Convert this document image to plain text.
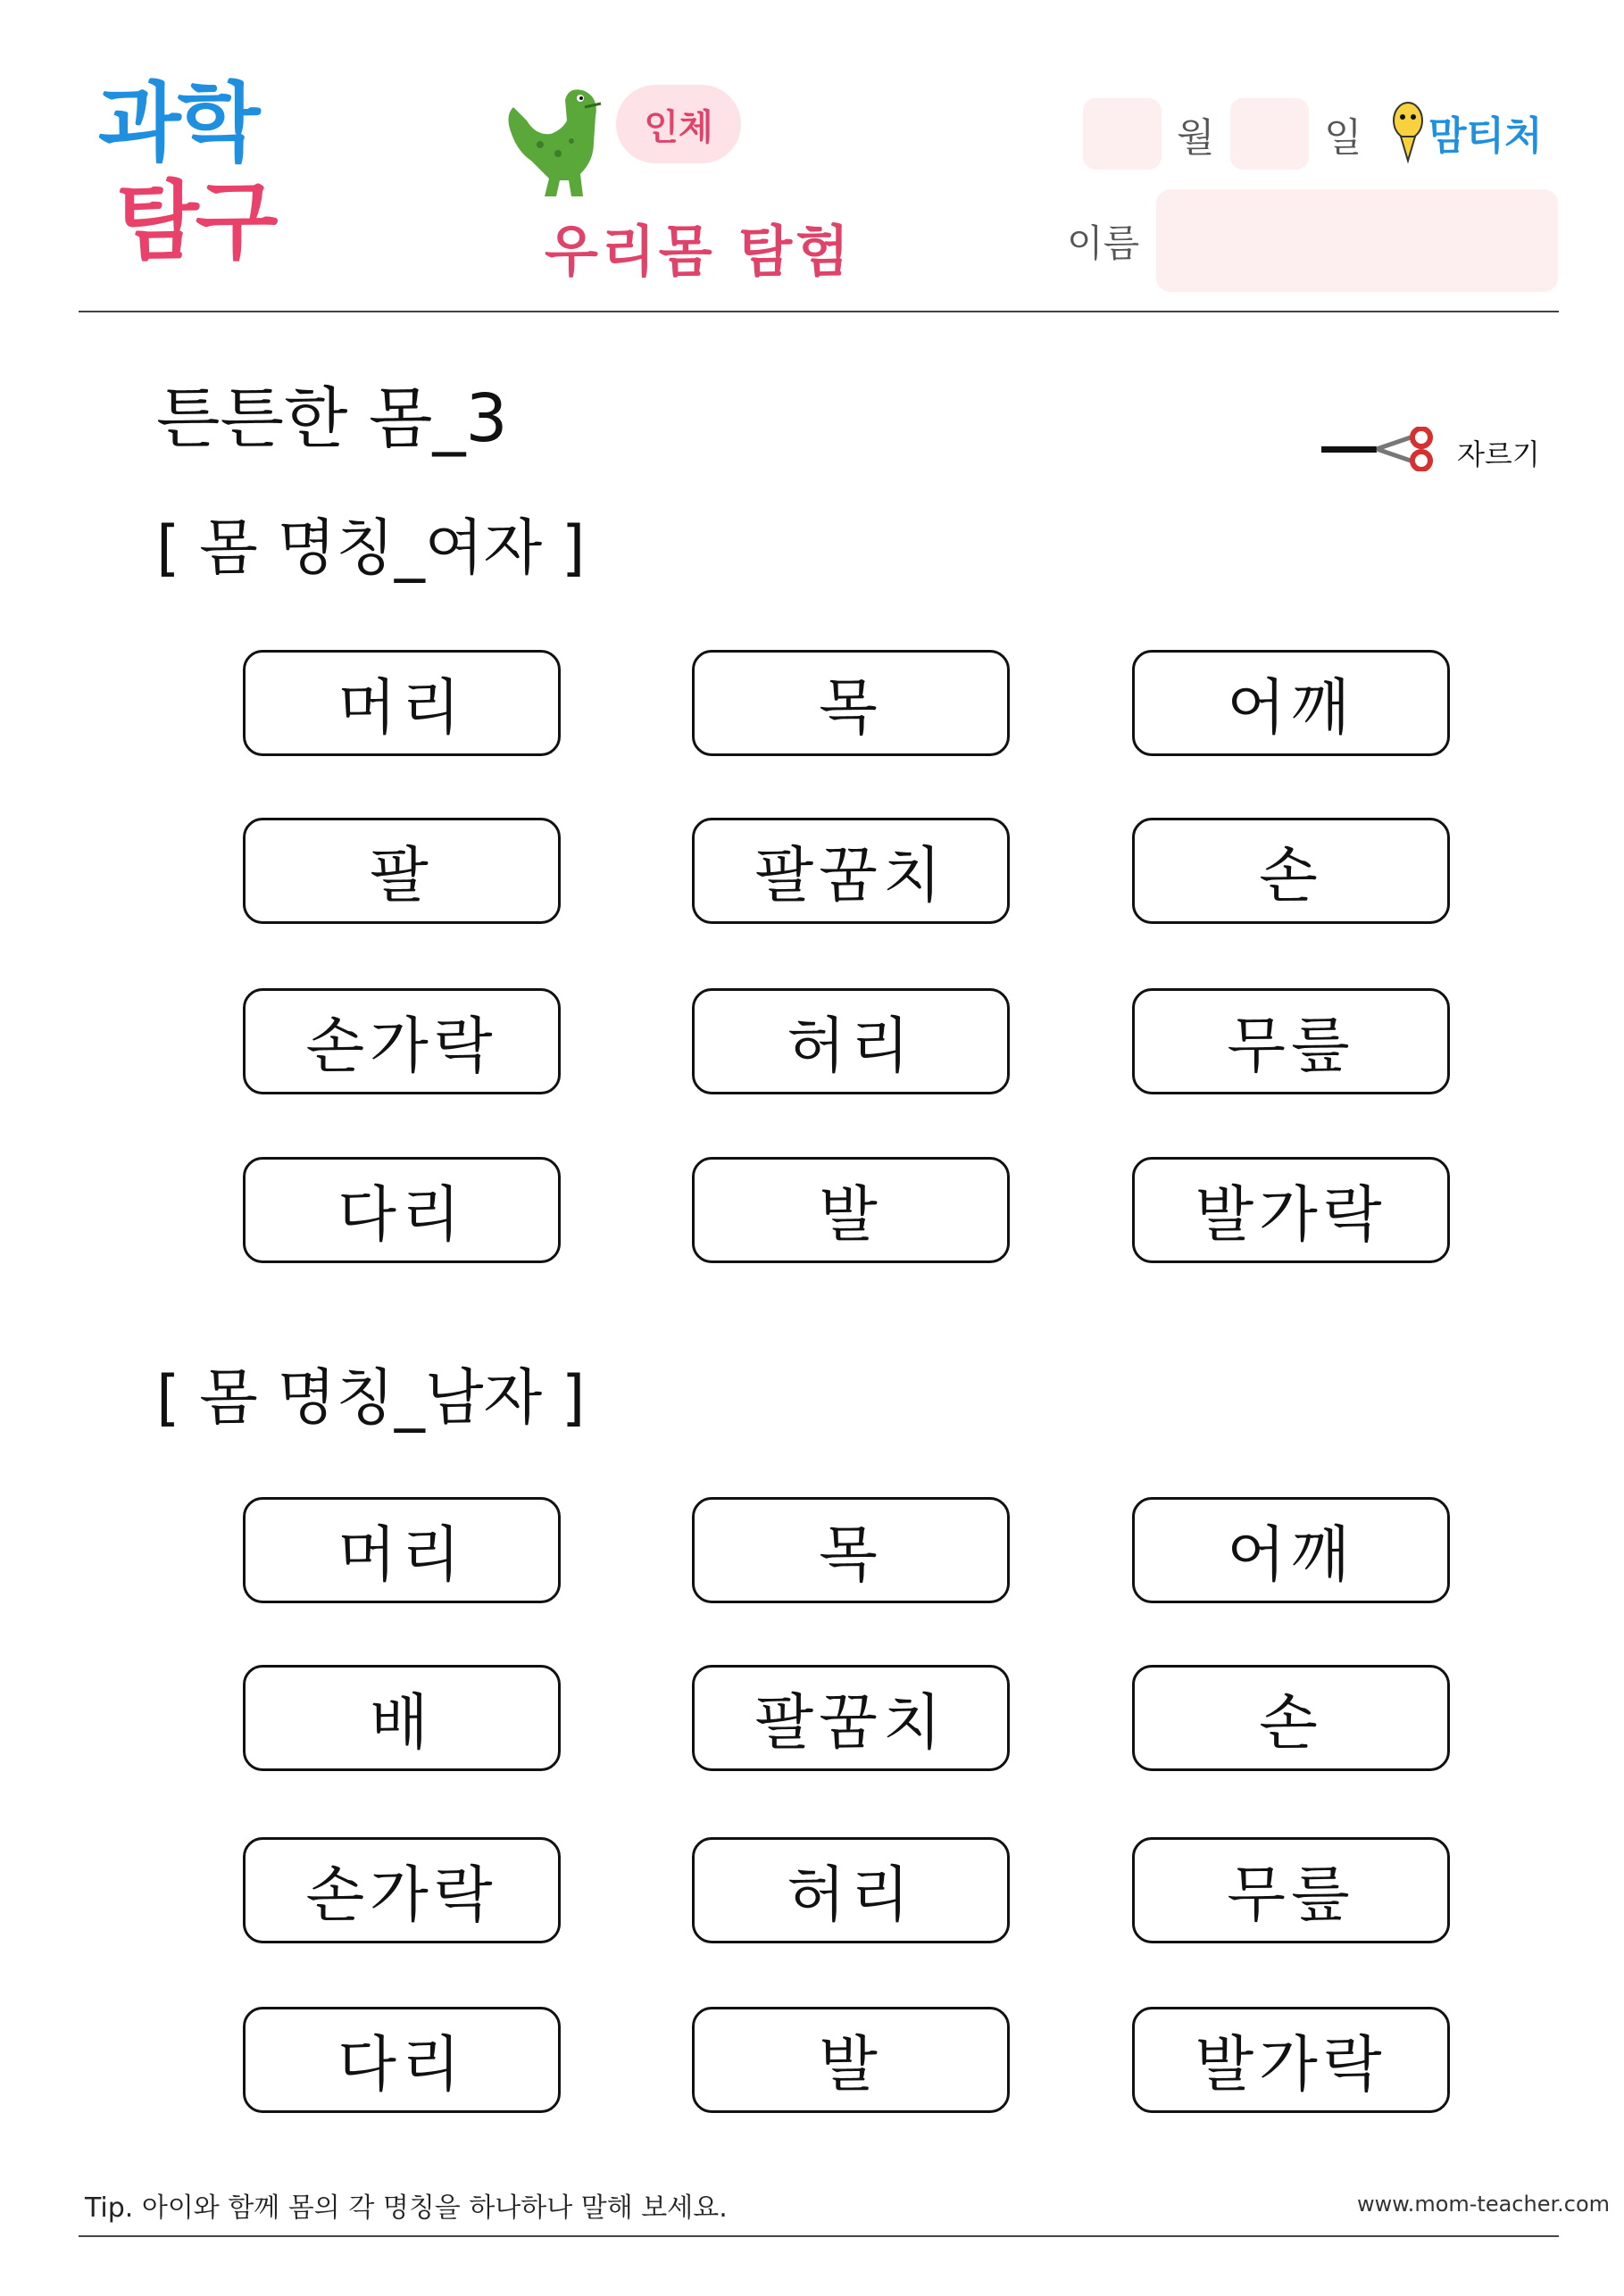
과학
탐구
인체
우리몸 탐험
월	일 맘티처
이름
튼튼한 몸_3	자르기
[ 몸 명칭_여자 ]
머리	목	어깨
팔	팔꿈치	손
손가락	허리	무릎
다리	발	발가락
[ 몸 명칭_남자 ]
머리	목	어깨
배	팔꿈치	손
손가락	허리	무릎
다리	발	발가락
Tip. 아이와 함께 몸의 각 명칭을 하나하나 말해 보세요.	www.mom-teacher.com
